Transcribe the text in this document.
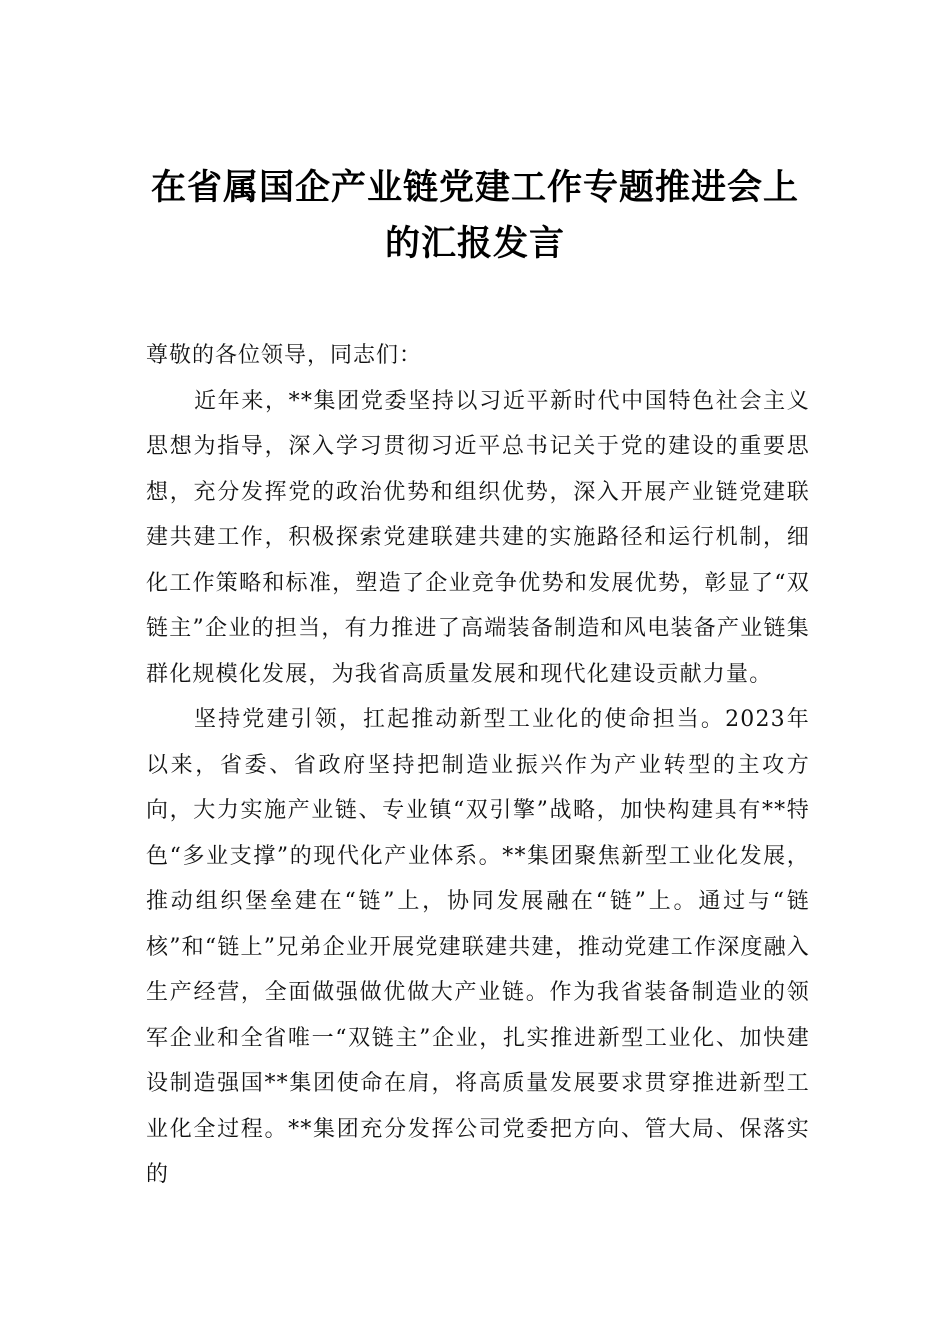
在省属国企产业链党建工作专题推进会上
的汇报发言

尊敬的各位领导，同志们：

近年来，**集团党委坚持以习近平新时代中国特色社会主义思想为指导，深入学习贯彻习近平总书记关于党的建设的重要思想，充分发挥党的政治优势和组织优势，深入开展产业链党建联建共建工作，积极探索党建联建共建的实施路径和运行机制，细化工作策略和标准，塑造了企业竞争优势和发展优势，彰显了“双链主”企业的担当，有力推进了高端装备制造和风电装备产业链集群化规模化发展，为我省高质量发展和现代化建设贡献力量。

坚持党建引领，扛起推动新型工业化的使命担当。2023年以来，省委、省政府坚持把制造业振兴作为产业转型的主攻方向，大力实施产业链、专业镇“双引擎”战略，加快构建具有**特色“多业支撑”的现代化产业体系。**集团聚焦新型工业化发展，推动组织堡垒建在“链”上，协同发展融在“链”上。通过与“链核”和“链上”兄弟企业开展党建联建共建，推动党建工作深度融入生产经营，全面做强做优做大产业链。作为我省装备制造业的领军企业和全省唯一“双链主”企业，扎实推进新型工业化、加快建设制造强国**集团使命在肩，将高质量发展要求贯穿推进新型工业化全过程。**集团充分发挥公司党委把方向、管大局、保落实的
